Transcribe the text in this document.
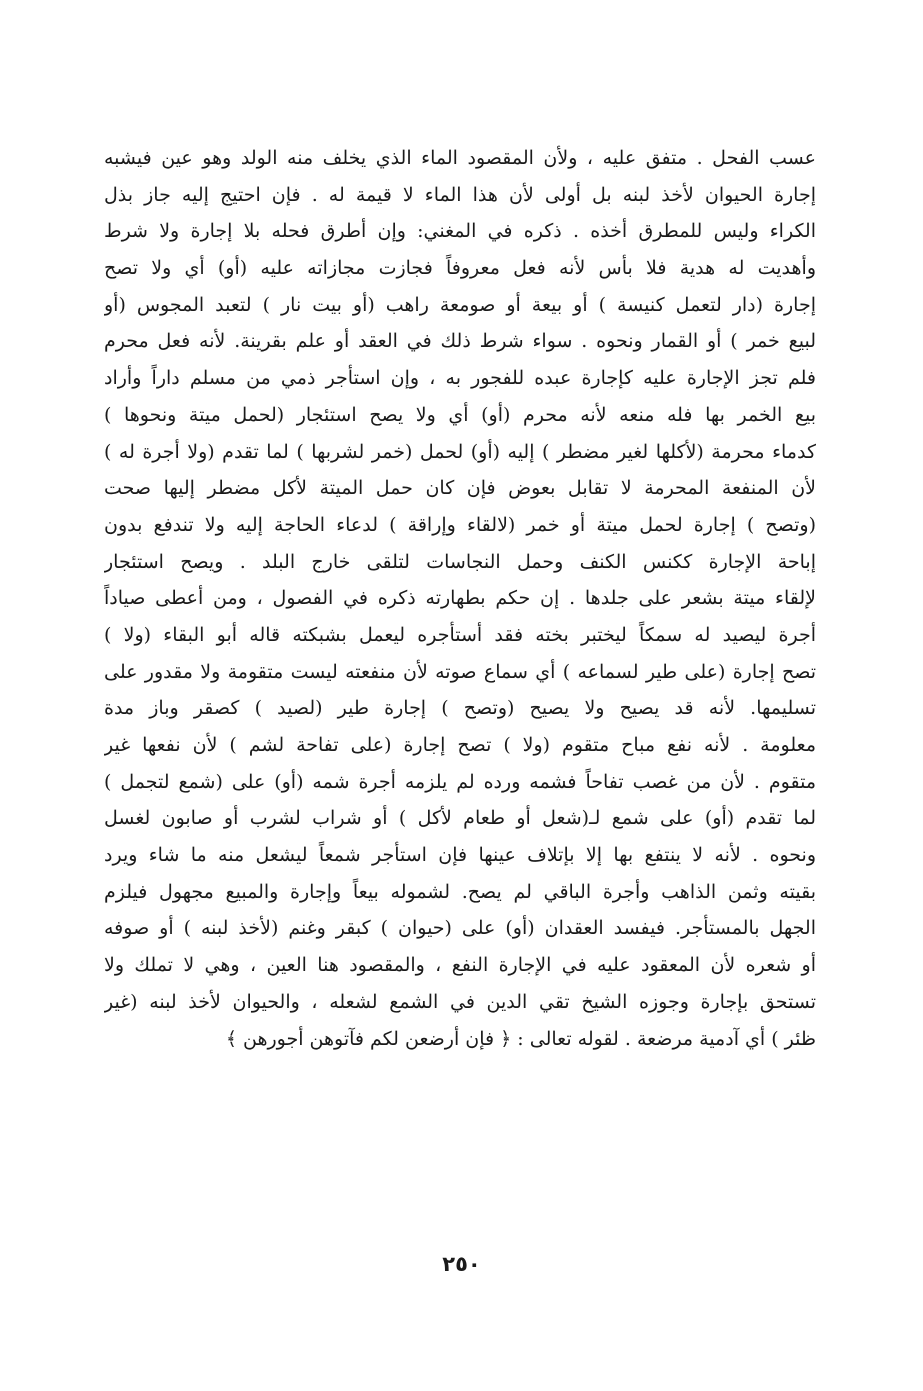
عسب الفحل . متفق عليه ، ولأن المقصود الماء الذي يخلف منه الولد وهو عين فيشبه
إجارة الحيوان لأخذ لبنه بل أولى لأن هذا الماء لا قيمة له . فإن احتيج إليه جاز بذل
الكراء وليس للمطرق أخذه . ذكره في المغني: وإن أطرق فحله بلا إجارة ولا شرط
وأهديت له هدية فلا بأس لأنه فعل معروفاً فجازت مجازاته عليه (أو) أي ولا تصح
إجارة (دار لتعمل كنيسة ) أو بيعة أو صومعة راهب (أو بيت نار ) لتعبد المجوس (أو
لبيع خمر ) أو القمار ونحوه . سواء شرط ذلك في العقد أو علم بقرينة. لأنه فعل محرم
فلم تجز الإجارة عليه كإجارة عبده للفجور به ، وإن استأجر ذمي من مسلم داراً وأراد
بيع الخمر بها فله منعه لأنه محرم (أو) أي ولا يصح استئجار (لحمل ميتة ونحوها )
كدماء محرمة (لأكلها لغير مضطر ) إليه (أو) لحمل (خمر لشربها ) لما تقدم (ولا أجرة له )
لأن المنفعة المحرمة لا تقابل بعوض فإن كان حمل الميتة لأكل مضطر إليها صحت
(وتصح ) إجارة لحمل ميتة أو خمر (لالقاء وإراقة ) لدعاء الحاجة إليه ولا تندفع بدون
إباحة الإجارة ككنس الكنف وحمل النجاسات لتلقى خارج البلد . ويصح استئجار
لإلقاء ميتة بشعر على جلدها . إن حكم بطهارته ذكره في الفصول ، ومن أعطى صياداً
أجرة ليصيد له سمكاً ليختبر بخته فقد أستأجره ليعمل بشبكته قاله أبو البقاء (ولا )
تصح إجارة (على طير لسماعه ) أي سماع صوته لأن منفعته ليست متقومة ولا مقدور على
تسليمها. لأنه قد يصيح ولا يصيح (وتصح ) إجارة طير (لصيد ) كصقر وباز مدة
معلومة . لأنه نفع مباح متقوم (ولا ) تصح إجارة (على تفاحة لشم ) لأن نفعها غير
متقوم . لأن من غصب تفاحاً فشمه ورده لم يلزمه أجرة شمه (أو) على (شمع لتجمل )
لما تقدم (أو) على شمع لـ(شعل أو طعام لأكل ) أو شراب لشرب أو صابون لغسل
ونحوه . لأنه لا ينتفع بها إلا بإتلاف عينها فإن استأجر شمعاً ليشعل منه ما شاء ويرد
بقيته وثمن الذاهب وأجرة الباقي لم يصح. لشموله بيعاً وإجارة والمبيع مجهول فيلزم
الجهل بالمستأجر. فيفسد العقدان (أو) على (حيوان ) كبقر وغنم (لأخذ لبنه ) أو صوفه
أو شعره لأن المعقود عليه في الإجارة النفع ، والمقصود هنا العين ، وهي لا تملك ولا
تستحق بإجارة وجوزه الشيخ تقي الدين في الشمع لشعله ، والحيوان لأخذ لبنه (غير
ظئر ) أي آدمية مرضعة . لقوله تعالى : ﴿ فإن أرضعن لكم فآتوهن أجورهن ﴾
٢٥٠
